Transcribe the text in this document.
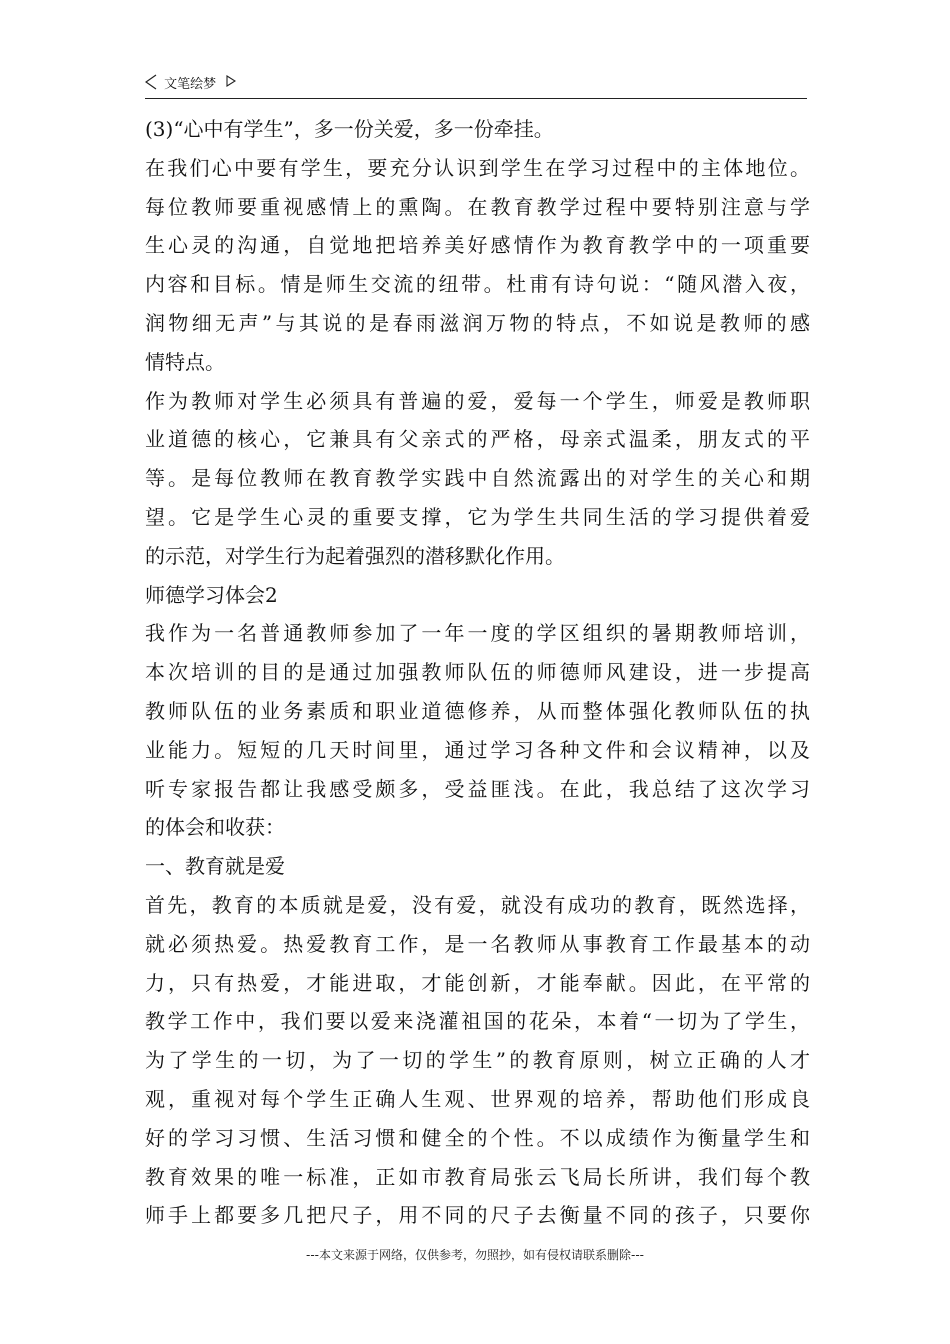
文笔绘梦
(3)“心中有学生”，多一份关爱，多一份牵挂。
在我们心中要有学生，要充分认识到学生在学习过程中的主体地位。
每位教师要重视感情上的熏陶。在教育教学过程中要特别注意与学
生心灵的沟通，自觉地把培养美好感情作为教育教学中的一项重要
内容和目标。情是师生交流的纽带。杜甫有诗句说：“随风潜入夜，
润物细无声”与其说的是春雨滋润万物的特点，不如说是教师的感
情特点。
作为教师对学生必须具有普遍的爱，爱每一个学生，师爱是教师职
业道德的核心，它兼具有父亲式的严格，母亲式温柔，朋友式的平
等。是每位教师在教育教学实践中自然流露出的对学生的关心和期
望。它是学生心灵的重要支撑，它为学生共同生活的学习提供着爱
的示范，对学生行为起着强烈的潜移默化作用。
师德学习体会2
我作为一名普通教师参加了一年一度的学区组织的暑期教师培训，
本次培训的目的是通过加强教师队伍的师德师风建设，进一步提高
教师队伍的业务素质和职业道德修养，从而整体强化教师队伍的执
业能力。短短的几天时间里，通过学习各种文件和会议精神，以及
听专家报告都让我感受颇多，受益匪浅。在此，我总结了这次学习
的体会和收获：
一、教育就是爱
首先，教育的本质就是爱，没有爱，就没有成功的教育，既然选择，
就必须热爱。热爱教育工作，是一名教师从事教育工作最基本的动
力，只有热爱，才能进取，才能创新，才能奉献。因此，在平常的
教学工作中，我们要以爱来浇灌祖国的花朵，本着“一切为了学生，
为了学生的一切，为了一切的学生”的教育原则，树立正确的人才
观，重视对每个学生正确人生观、世界观的培养，帮助他们形成良
好的学习习惯、生活习惯和健全的个性。不以成绩作为衡量学生和
教育效果的唯一标准，正如市教育局张云飞局长所讲，我们每个教
师手上都要多几把尺子，用不同的尺子去衡量不同的孩子，只要你
---本文来源于网络，仅供参考，勿照抄，如有侵权请联系删除---
